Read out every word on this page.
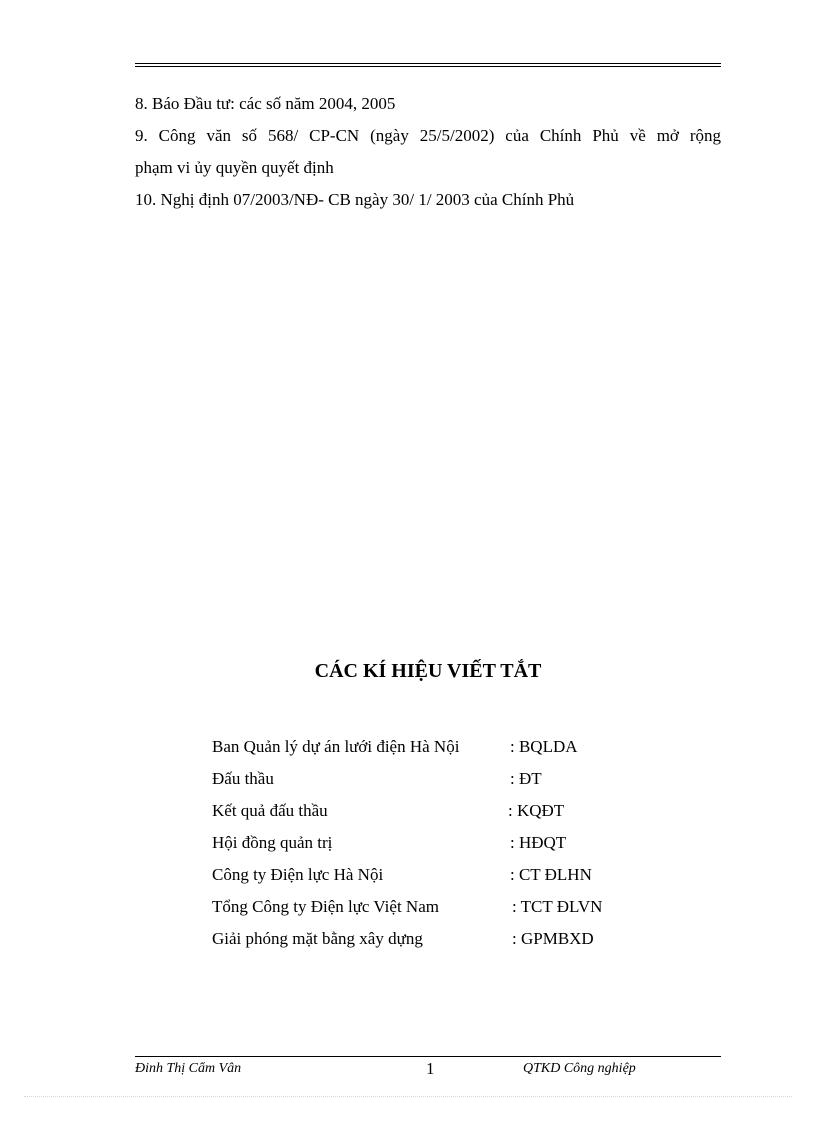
8. Báo Đầu tư: các số năm 2004, 2005
9. Công văn số 568/ CP-CN (ngày 25/5/2002) của Chính Phủ về mở rộng
phạm vi ủy quyền quyết định
10. Nghị định 07/2003/NĐ- CB ngày 30/ 1/ 2003 của Chính Phủ
CÁC KÍ HIỆU VIẾT TẮT
Ban Quản lý dự án lưới điện Hà Nội	: BQLDA
Đấu thầu	: ĐT
Kết quả đấu thầu	: KQĐT
Hội đồng quản trị	: HĐQT
Công ty Điện lực Hà Nội	: CT ĐLHN
Tổng Công ty Điện lực Việt Nam	: TCT ĐLVN
Giải phóng mặt bằng xây dựng	: GPMBXD
Đinh Thị Cẩm Vân	1	QTKD Công nghiệp
